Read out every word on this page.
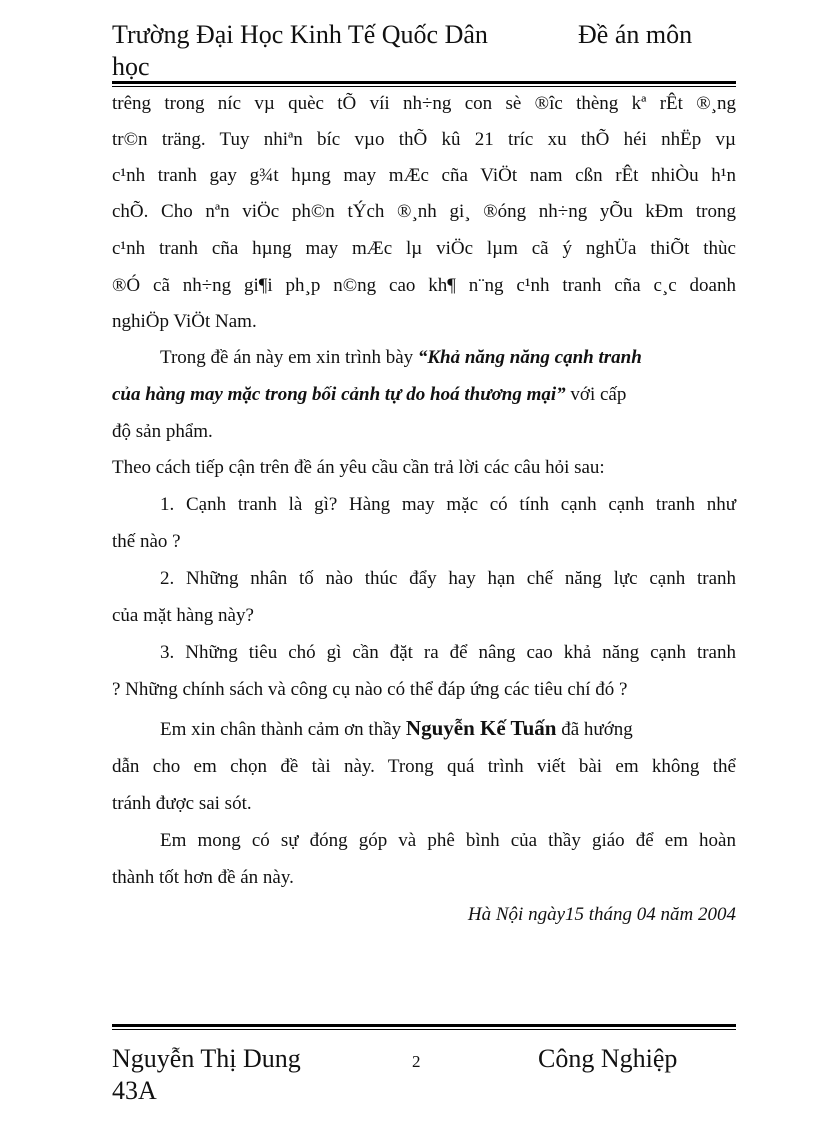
Trường Đại Học Kinh Tế Quốc Dân
học
Đề án môn
trêng trong níc vµ quèc tÕ víi nh÷ng con sè ®îc thèng kª rÊt ®¸ng
tr©n träng. Tuy nhiªn bíc vµo thÕ kû 21 tríc xu thÕ héi nhËp vµ
c¹nh tranh gay g¾t hµng may mÆc cña ViÖt nam cßn rÊt nhiÒu h¹n
chÕ. Cho nªn viÖc ph©n tÝch ®¸nh gi¸ ®óng nh÷ng yÕu kÐm trong
c¹nh tranh cña hµng may mÆc lµ viÖc lµm cã ý nghÜa thiÕt thùc
®Ó cã nh÷ng gi¶i ph¸p n©ng cao kh¶ n¨ng c¹nh tranh cña c¸c doanh
nghiÖp ViÖt Nam.
Trong đề án này em xin trình bày “Khả năng năng cạnh tranh
của hàng may mặc trong bối cảnh tự do hoá thương mại” với cấp
độ sản phẩm.
Theo cách tiếp cận trên đề án yêu cầu cần trả lời các câu hỏi sau:
1. Cạnh tranh là gì? Hàng may mặc có tính cạnh cạnh tranh như
thế nào ?
2. Những nhân tố nào thúc đẩy hay hạn chế năng lực cạnh tranh
của mặt hàng này?
3. Những tiêu chó gì cần đặt ra để nâng cao khả năng cạnh tranh
? Những chính sách và công cụ nào có thể đáp ứng các tiêu chí đó ?
Em xin chân thành cảm ơn thầy Nguyễn Kế Tuấn đã hướng
dẫn cho em chọn đề tài này. Trong quá trình viết bài em không thể
tránh được sai sót.
Em mong có sự đóng góp và phê bình của thầy giáo để em hoàn
thành tốt hơn đề án này.
Hà Nội ngày15 tháng 04 năm 2004
Nguyễn Thị Dung
43A
2	Công Nghiệp
